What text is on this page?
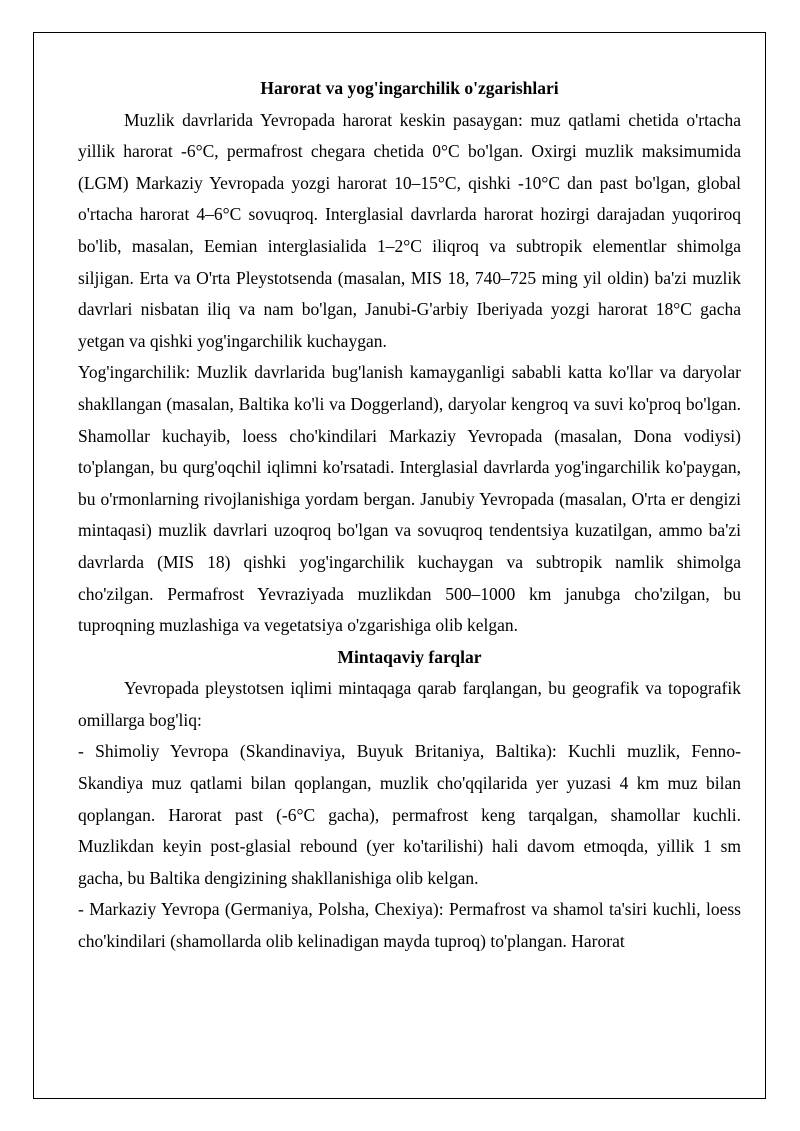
Harorat va yog'ingarchilik o'zgarishlari

Muzlik davrlarida Yevropada harorat keskin pasaygan: muz qatlami chetida o'rtacha yillik harorat -6°C, permafrost chegara chetida 0°C bo'lgan. Oxirgi muzlik maksimumida (LGM) Markaziy Yevropada yozgi harorat 10–15°C, qishki -10°C dan past bo'lgan, global o'rtacha harorat 4–6°C sovuqroq. Interglasial davrlarda harorat hozirgi darajadan yuqoriroq bo'lib, masalan, Eemian interglasialida 1–2°C iliqroq va subtropik elementlar shimolga siljigan. Erta va O'rta Pleystotsenda (masalan, MIS 18, 740–725 ming yil oldin) ba'zi muzlik davrlari nisbatan iliq va nam bo'lgan, Janubi-G'arbiy Iberiyada yozgi harorat 18°C gacha yetgan va qishki yog'ingarchilik kuchaygan.

Yog'ingarchilik: Muzlik davrlarida bug'lanish kamayganligi sababli katta ko'llar va daryolar shakllangan (masalan, Baltika ko'li va Doggerland), daryolar kengroq va suvi ko'proq bo'lgan. Shamollar kuchayib, loess cho'kindilari Markaziy Yevropada (masalan, Dona vodiysi) to'plangan, bu qurg'oqchil iqlimni ko'rsatadi. Interglasial davrlarda yog'ingarchilik ko'paygan, bu o'rmonlarning rivojlanishiga yordam bergan. Janubiy Yevropada (masalan, O'rta er dengizi mintaqasi) muzlik davrlari uzoqroq bo'lgan va sovuqroq tendentsiya kuzatilgan, ammo ba'zi davrlarda (MIS 18) qishki yog'ingarchilik kuchaygan va subtropik namlik shimolga cho'zilgan. Permafrost Yevraziyada muzlikdan 500–1000 km janubga cho'zilgan, bu tuproqning muzlashiga va vegetatsiya o'zgarishiga olib kelgan.

Mintaqaviy farqlar

Yevropada pleystotsen iqlimi mintaqaga qarab farqlangan, bu geografik va topografik omillarga bog'liq:

- Shimoliy Yevropa (Skandinaviya, Buyuk Britaniya, Baltika): Kuchli muzlik, Fenno-Skandiya muz qatlami bilan qoplangan, muzlik cho'qqilarida yer yuzasi 4 km muz bilan qoplangan. Harorat past (-6°C gacha), permafrost keng tarqalgan, shamollar kuchli. Muzlikdan keyin post-glasial rebound (yer ko'tarilishi) hali davom etmoqda, yillik 1 sm gacha, bu Baltika dengizining shakllanishiga olib kelgan.

- Markaziy Yevropa (Germaniya, Polsha, Chexiya): Permafrost va shamol ta'siri kuchli, loess cho'kindilari (shamollarda olib kelinadigan mayda tuproq) to'plangan. Harorat
